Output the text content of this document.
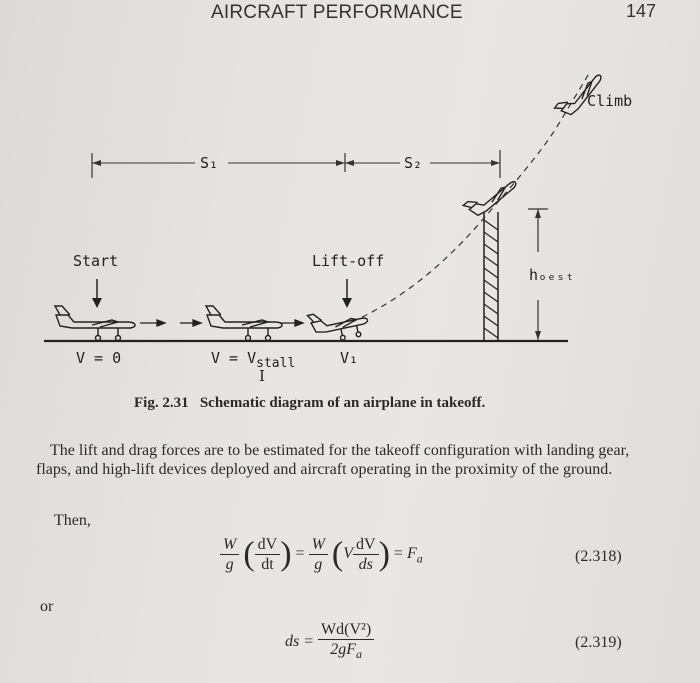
AIRCRAFT PERFORMANCE	147
S₁	S₂
Climb
Start	Lift-off
hₒₑₛₜ
V = 0	$V = V_{stall}$	V₁
I
Fig. 2.31   Schematic diagram of an airplane in takeoff.

The lift and drag forces are to be estimated for the takeoff configuration with landing gear, flaps, and high-lift devices deployed and aircraft operating in the proximity of the ground.

Then,
$\frac{W}{g}$ ( $\frac{dV}{dt}$ ) = $\frac{W}{g} (V \frac{dV}{ds}$ ) = $F_a$	(2.318)
or
ds = $\frac{\text{Wd(V²)}}{2gF_a}$	(2.319)
